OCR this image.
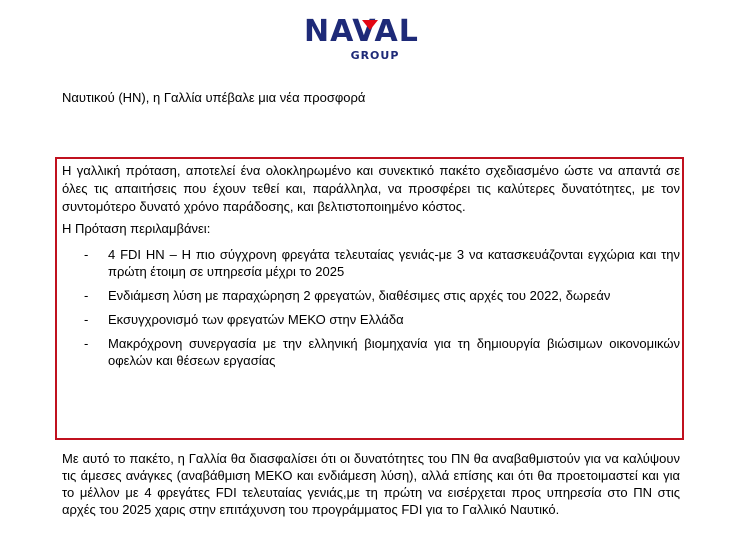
NAVAL
GROUP
Ναυτικού (ΗΝ), η Γαλλία υπέβαλε μια νέα προσφορά
Η γαλλική πρόταση, αποτελεί ένα ολοκληρωμένο και συνεκτικό πακέτο σχεδιασμένο ώστε να απαντά σε όλες τις απαιτήσεις που έχουν τεθεί και, παράλληλα, να προσφέρει τις καλύτερες δυνατότητες, με τον συντομότερο δυνατό χρόνο παράδοσης, και βελτιστοποιημένο κόστος.
Η Πρόταση περιλαμβάνει:
- 4 FDI HN – Η πιο σύγχρονη φρεγάτα τελευταίας γενιάς-με 3 να κατασκευάζονται εγχώρια και την πρώτη έτοιμη σε υπηρεσία μέχρι το 2025
- Ενδιάμεση λύση με παραχώρηση 2 φρεγατών, διαθέσιμες στις αρχές του 2022, δωρεάν
- Εκσυγχρονισμό των φρεγατών ΜΕΚΟ στην Ελλάδα
- Μακρόχρονη συνεργασία με την ελληνική βιομηχανία για τη δημιουργία βιώσιμων οικονομικών οφελών και θέσεων εργασίας
Με αυτό το πακέτο, η Γαλλία θα διασφαλίσει ότι οι δυνατότητες του ΠΝ θα αναβαθμιστούν για να καλύψουν τις άμεσες ανάγκες (αναβάθμιση ΜΕΚΟ και ενδιάμεση λύση), αλλά επίσης και ότι θα προετοιμαστεί και για το μέλλον με 4 φρεγάτες FDI τελευταίας γενιάς,με τη πρώτη να εισέρχεται προς υπηρεσία στο ΠΝ στις αρχές του 2025 χαρις στην επιτάχυνση του προγράμματος FDI για το Γαλλικό Ναυτικό.
